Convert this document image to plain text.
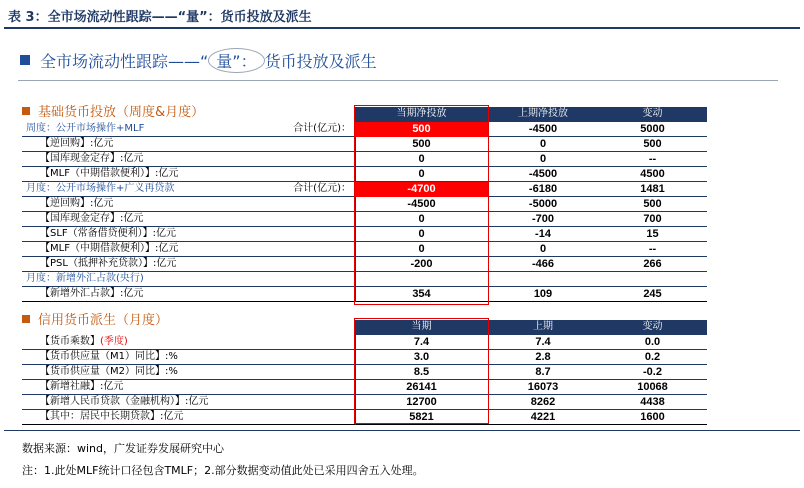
表 3：全市场流动性跟踪——“量”：货币投放及派生
全市场流动性跟踪——“ 量”： 货币投放及派生
基础货币投放（周度&月度）	当期净投放	上期净投放	变动
周度：公开市场操作+MLF	合计(亿元)：	500	-4500	5000
【逆回购】:亿元	500	0	500
【国库现金定存】:亿元	0	0	--
【MLF（中期借款便利）】:亿元	0	-4500	4500
月度：公开市场操作+广义再贷款	合计(亿元)：	-4700	-6180	1481
【逆回购】:亿元	-4500	-5000	500
【国库现金定存】:亿元	0	-700	700
【SLF（常备借贷便利）】:亿元	0	-14	15
【MLF（中期借款便利）】:亿元	0	0	--
【PSL（抵押补充贷款）】:亿元	-200	-466	266
月度：新增外汇占款(央行)
【新增外汇占款】:亿元	354	109	245
信用货币派生（月度）	当期	上期	变动
【货币乘数】(季度)	7.4	7.4	0.0
【货币供应量（M1）同比】:%	3.0	2.8	0.2
【货币供应量（M2）同比】:%	8.5	8.7	-0.2
【新增社融】:亿元	26141	16073	10068
【新增人民币贷款（金融机构）】:亿元	12700	8262	4438
【其中：居民中长期贷款】:亿元	5821	4221	1600
数据来源：wind，广发证券发展研究中心
注：1.此处MLF统计口径包含TMLF；2.部分数据变动值此处已采用四舍五入处理。
